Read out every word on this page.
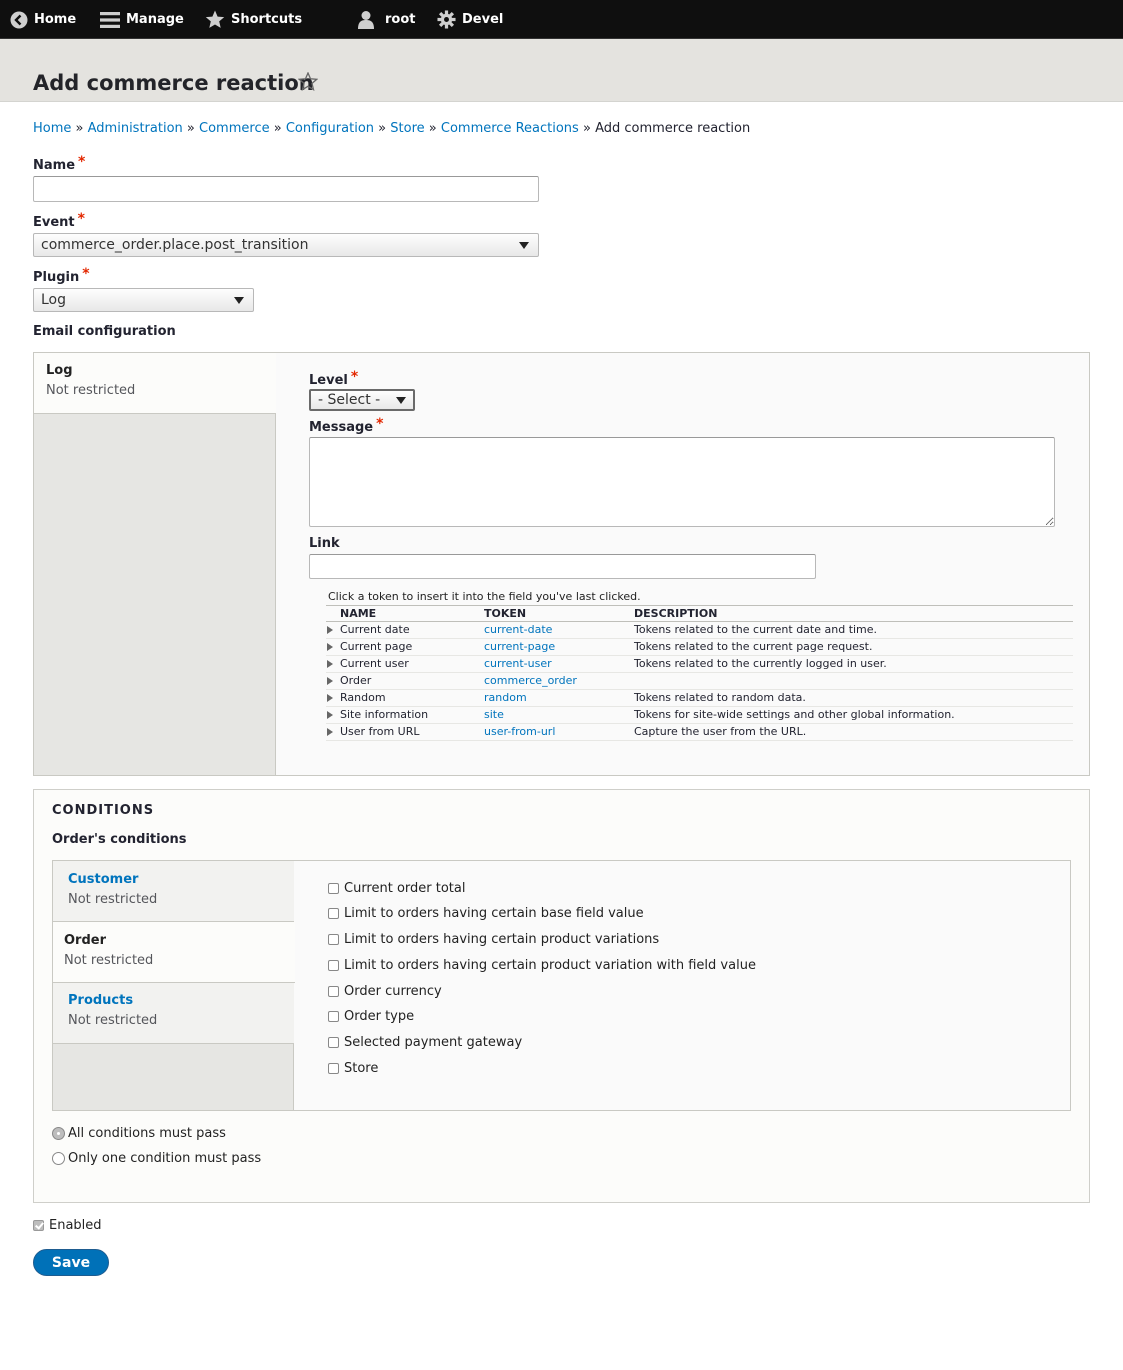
Home	Manage	Shortcuts	root	Devel
Add commerce reaction
Home » Administration » Commerce » Configuration » Store » Commerce Reactions » Add commerce reaction
Name *
Event *
commerce_order.place.post_transition
Plugin *
Log
Email configuration
Log
Not restricted
Level *
- Select -
Message *
Link
Click a token to insert it into the field you've last clicked.
NAME	TOKEN	DESCRIPTION

Current date	current-date	Tokens related to the current date and time.

Current page	current-page	Tokens related to the current page request.

Current user	current-user	Tokens related to the currently logged in user.

Order	commerce_order	

Random	random	Tokens related to random data.

Site information	site	Tokens for site-wide settings and other global information.

User from URL	user-from-url	Capture the user from the URL.
CONDITIONS
Order's conditions
Customer
Not restricted
Order
Not restricted
Products
Not restricted
Current order total
Limit to orders having certain base field value
Limit to orders having certain product variations
Limit to orders having certain product variation with field value
Order currency
Order type
Selected payment gateway
Store
All conditions must pass
Only one condition must pass
Enabled
Save
